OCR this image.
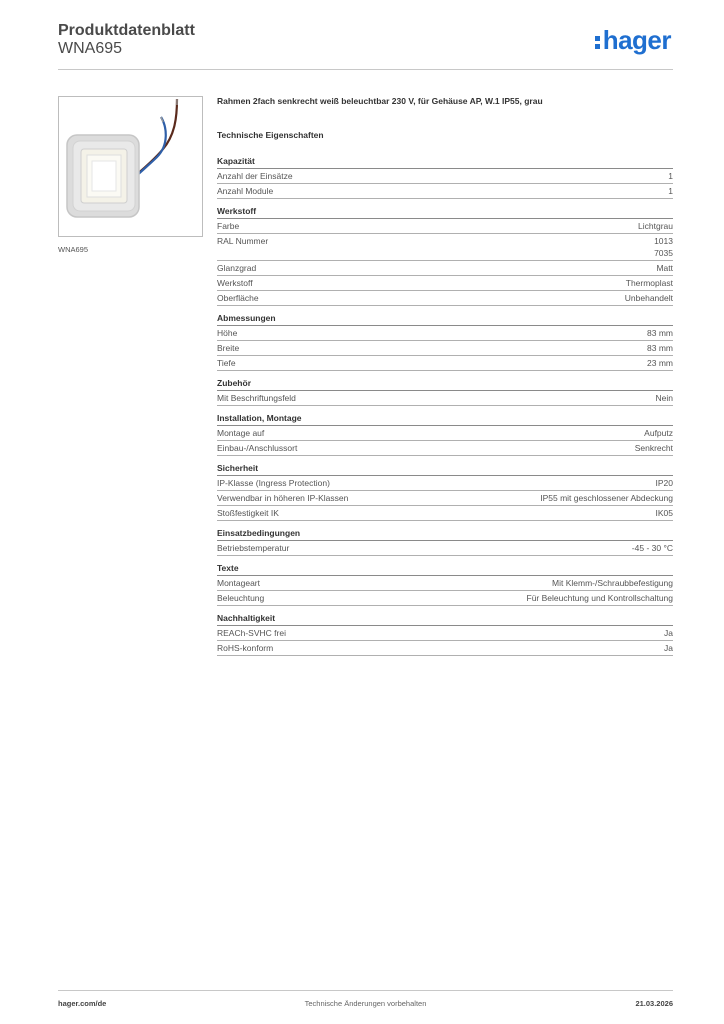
Produktdatenblatt
WNA695	hager
WNA695
Rahmen 2fach senkrecht weiß beleuchtbar 230 V, für Gehäuse AP, W.1 IP55, grau
Technische Eigenschaften
Kapazität
Anzahl der Einsätze	1
Anzahl Module	1
Werkstoff
Farbe	Lichtgrau
RAL Nummer	1013
7035
Glanzgrad	Matt
Werkstoff	Thermoplast
Oberfläche	Unbehandelt
Abmessungen
Höhe	83 mm
Breite	83 mm
Tiefe	23 mm
Zubehör
Mit Beschriftungsfeld	Nein
Installation, Montage
Montage auf	Aufputz
Einbau-/Anschlussort	Senkrecht
Sicherheit
IP-Klasse (Ingress Protection)	IP20
Verwendbar in höheren IP-Klassen	IP55 mit geschlossener Abdeckung
Stoßfestigkeit IK	IK05
Einsatzbedingungen
Betriebstemperatur	-45 - 30 °C
Texte
Montageart	Mit Klemm-/Schraubbefestigung
Beleuchtung	Für Beleuchtung und Kontrollschaltung
Nachhaltigkeit
REACh-SVHC frei	Ja
RoHS-konform	Ja
hager.com/de	Technische Änderungen vorbehalten	21.03.2026
